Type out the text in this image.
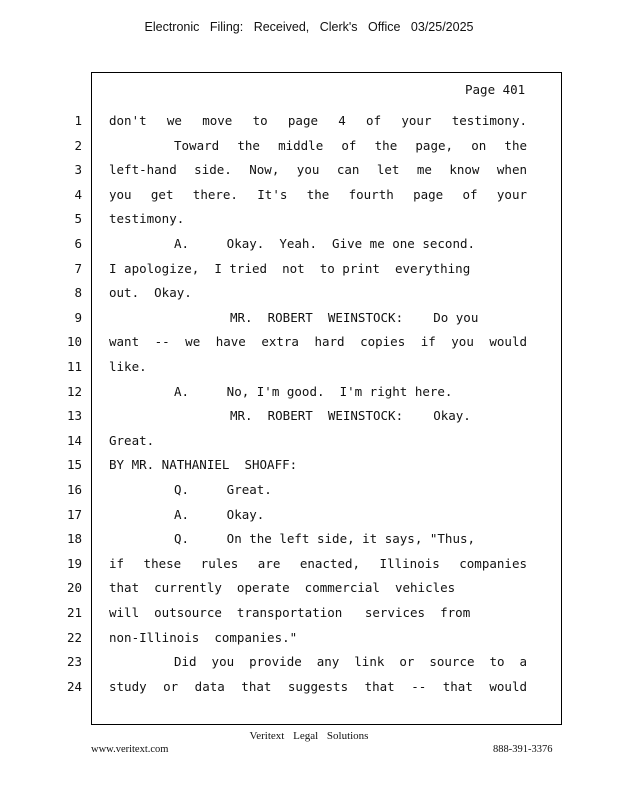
Electronic Filing: Received, Clerk's Office 03/25/2025
Page 401
1 don't we move to page 4 of your testimony.
2	Toward the middle of the page, on the
3 left-hand side. Now, you can let me know when
4 you get there. It's the fourth page of your
5 testimony.
6	A.     Okay.  Yeah.  Give me one second.
7 I apologize,  I tried  not  to print  everything
8 out.  Okay.
9	MR.  ROBERT  WEINSTOCK:    Do you
10 want -- we have extra hard copies if you would
11 like.
12	A.     No, I'm good.  I'm right here.
13	MR.  ROBERT  WEINSTOCK:    Okay.
14 Great.
15 BY MR. NATHANIEL  SHOAFF:
16	Q.     Great.
17	A.     Okay.
18	Q.     On the left side, it says, "Thus,
19 if these rules are enacted, Illinois companies
20 that  currently  operate  commercial  vehicles
21 will  outsource  transportation   services  from
22 non-Illinois  companies."
23	Did you provide any link or source to a
24 study or data that suggests that -- that would
Veritext Legal Solutions
www.veritext.com	888-391-3376
